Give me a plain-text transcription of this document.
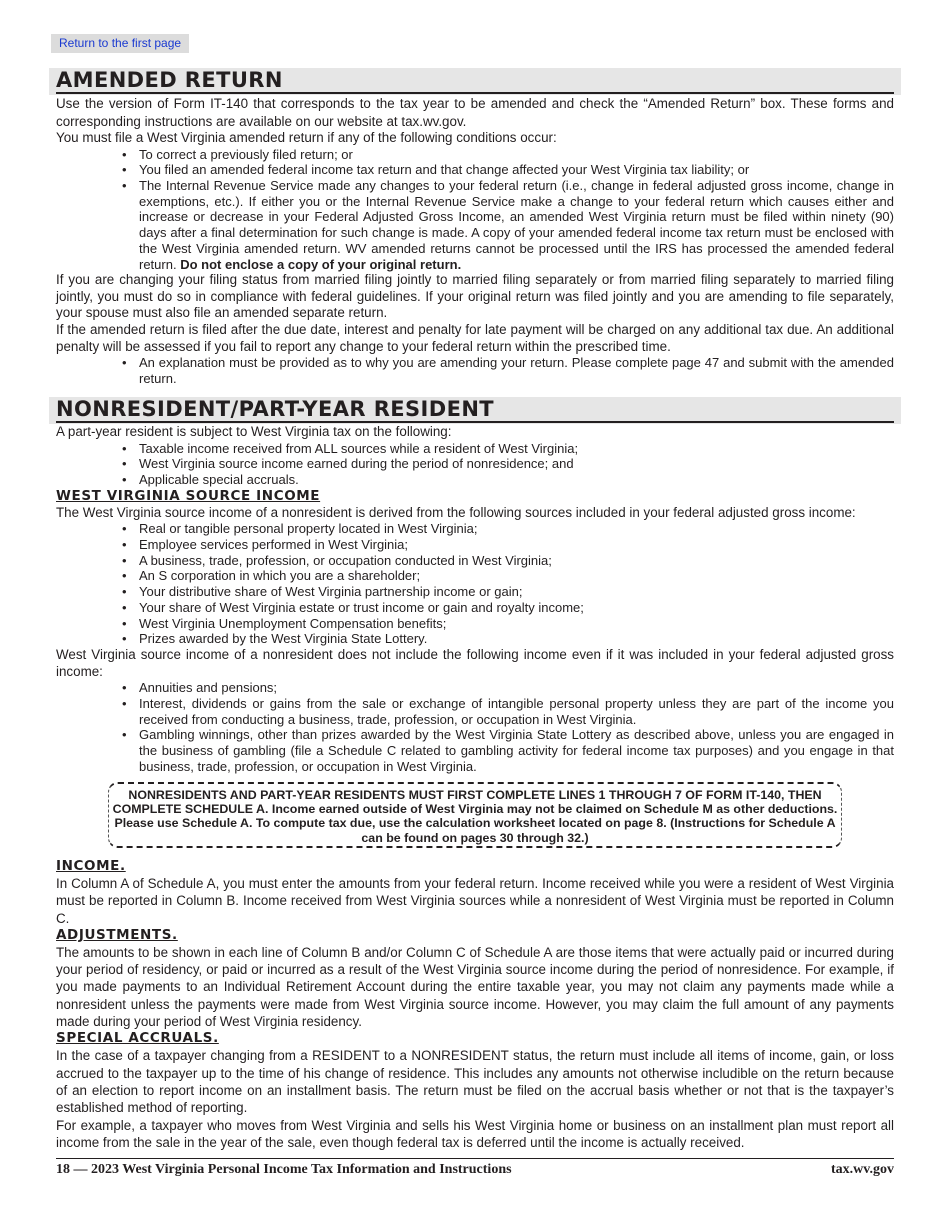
Return to the first page
AMENDED RETURN

Use the version of Form IT-140 that corresponds to the tax year to be amended and check the “Amended Return” box. These forms and corresponding instructions are available on our website at tax.wv.gov.

You must file a West Virginia amended return if any of the following conditions occur:

• To correct a previously filed return; or
• You filed an amended federal income tax return and that change affected your West Virginia tax liability; or
• The Internal Revenue Service made any changes to your federal return (i.e., change in federal adjusted gross income, change in exemptions, etc.). If either you or the Internal Revenue Service make a change to your federal return which causes either and increase or decrease in your Federal Adjusted Gross Income, an amended West Virginia return must be filed within ninety (90) days after a final determination for such change is made. A copy of your amended federal income tax return must be enclosed with the West Virginia amended return. WV amended returns cannot be processed until the IRS has processed the amended federal return. Do not enclose a copy of your original return.

If you are changing your filing status from married filing jointly to married filing separately or from married filing separately to married filing jointly, you must do so in compliance with federal guidelines. If your original return was filed jointly and you are amending to file separately, your spouse must also file an amended separate return.

If the amended return is filed after the due date, interest and penalty for late payment will be charged on any additional tax due. An additional penalty will be assessed if you fail to report any change to your federal return within the prescribed time.

• An explanation must be provided as to why you are amending your return. Please complete page 47 and submit with the amended return.
NONRESIDENT/PART-YEAR RESIDENT

A part-year resident is subject to West Virginia tax on the following:

• Taxable income received from ALL sources while a resident of West Virginia;
• West Virginia source income earned during the period of nonresidence; and
• Applicable special accruals.
WEST VIRGINIA SOURCE INCOME

The West Virginia source income of a nonresident is derived from the following sources included in your federal adjusted gross income:

• Real or tangible personal property located in West Virginia;
• Employee services performed in West Virginia;
• A business, trade, profession, or occupation conducted in West Virginia;
• An S corporation in which you are a shareholder;
• Your distributive share of West Virginia partnership income or gain;
• Your share of West Virginia estate or trust income or gain and royalty income;
• West Virginia Unemployment Compensation benefits;
• Prizes awarded by the West Virginia State Lottery.

West Virginia source income of a nonresident does not include the following income even if it was included in your federal adjusted gross income:

• Annuities and pensions;
• Interest, dividends or gains from the sale or exchange of intangible personal property unless they are part of the income you received from conducting a business, trade, profession, or occupation in West Virginia.
• Gambling winnings, other than prizes awarded by the West Virginia State Lottery as described above, unless you are engaged in the business of gambling (file a Schedule C related to gambling activity for federal income tax purposes) and you engage in that business, trade, profession, or occupation in West Virginia.
NONRESIDENTS AND PART-YEAR RESIDENTS MUST FIRST COMPLETE LINES 1 THROUGH 7 OF FORM IT-140, THEN COMPLETE SCHEDULE A. Income earned outside of West Virginia may not be claimed on Schedule M as other deductions. Please use Schedule A. To compute tax due, use the calculation worksheet located on page 8. (Instructions for Schedule A can be found on pages 30 through 32.)
INCOME.

In Column A of Schedule A, you must enter the amounts from your federal return. Income received while you were a resident of West Virginia must be reported in Column B. Income received from West Virginia sources while a nonresident of West Virginia must be reported in Column C.

ADJUSTMENTS.

The amounts to be shown in each line of Column B and/or Column C of Schedule A are those items that were actually paid or incurred during your period of residency, or paid or incurred as a result of the West Virginia source income during the period of nonresidence. For example, if you made payments to an Individual Retirement Account during the entire taxable year, you may not claim any payments made while a nonresident unless the payments were made from West Virginia source income. However, you may claim the full amount of any payments made during your period of West Virginia residency.

SPECIAL ACCRUALS.

In the case of a taxpayer changing from a RESIDENT to a NONRESIDENT status, the return must include all items of income, gain, or loss accrued to the taxpayer up to the time of his change of residence. This includes any amounts not otherwise includible on the return because of an election to report income on an installment basis. The return must be filed on the accrual basis whether or not that is the taxpayer’s established method of reporting.

For example, a taxpayer who moves from West Virginia and sells his West Virginia home or business on an installment plan must report all income from the sale in the year of the sale, even though federal tax is deferred until the income is actually received.

18 — 2023 West Virginia Personal Income Tax Information and Instructions	tax.wv.gov
